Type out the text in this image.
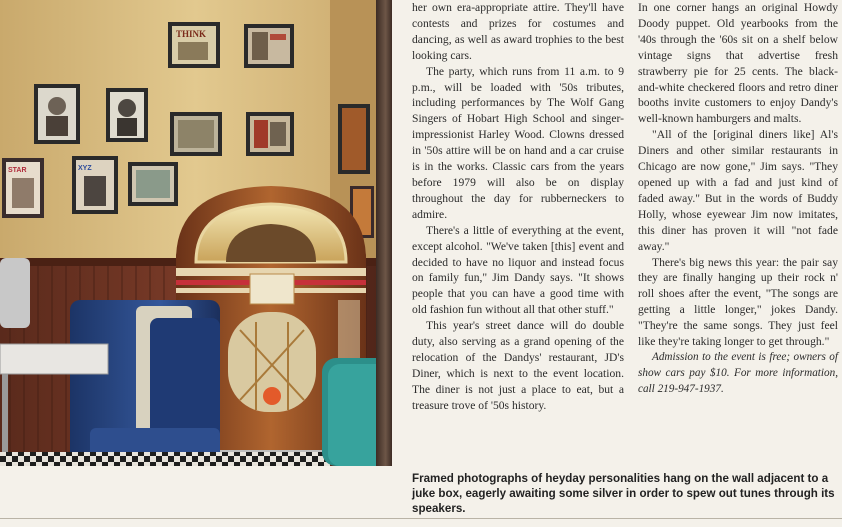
THINK
STAR	XYZ

her own era-appropriate attire. They'll have contests and prizes for costumes and dancing, as well as award trophies to the best looking cars.

The party, which runs from 11 a.m. to 9 p.m., will be loaded with '50s tributes, including performances by The Wolf Gang Singers of Hobart High School and singer-impressionist Harley Wood. Clowns dressed in '50s attire will be on hand and a car cruise is in the works. Classic cars from the years before 1979 will also be on display throughout the day for rubberneckers to admire.

There's a little of everything at the event, except alcohol. "We've taken [this] event and decided to have no liquor and instead focus on family fun," Jim Dandy says. "It shows people that you can have a good time with old fashion fun without all that other stuff."

This year's street dance will do double duty, also serving as a grand opening of the relocation of the Dandys' restaurant, JD's Diner, which is next to the event location. The diner is not just a place to eat, but a treasure trove of '50s history.

In one corner hangs an original Howdy Doody puppet. Old yearbooks from the '40s through the '60s sit on a shelf below vintage signs that advertise fresh strawberry pie for 25 cents. The black-and-white checkered floors and retro diner booths invite customers to enjoy Dandy's well-known hamburgers and malts.

"All of the [original diners like] Al's Diners and other similar restaurants in Chicago are now gone," Jim says. "They opened up with a fad and just kind of faded away." But in the words of Buddy Holly, whose eyewear Jim now imitates, this diner has proven it will "not fade away."

There's big news this year: the pair say they are finally hanging up their rock n' roll shoes after the event, "The songs are getting a little longer," jokes Dandy. "They're the same songs. They just feel like they're taking longer to get through."

Admission to the event is free; owners of show cars pay $10. For more information, call 219-947-1937.

Framed photographs of heyday personalities hang on the wall adjacent to a juke box, eagerly awaiting some silver in order to spew out tunes through its speakers.
